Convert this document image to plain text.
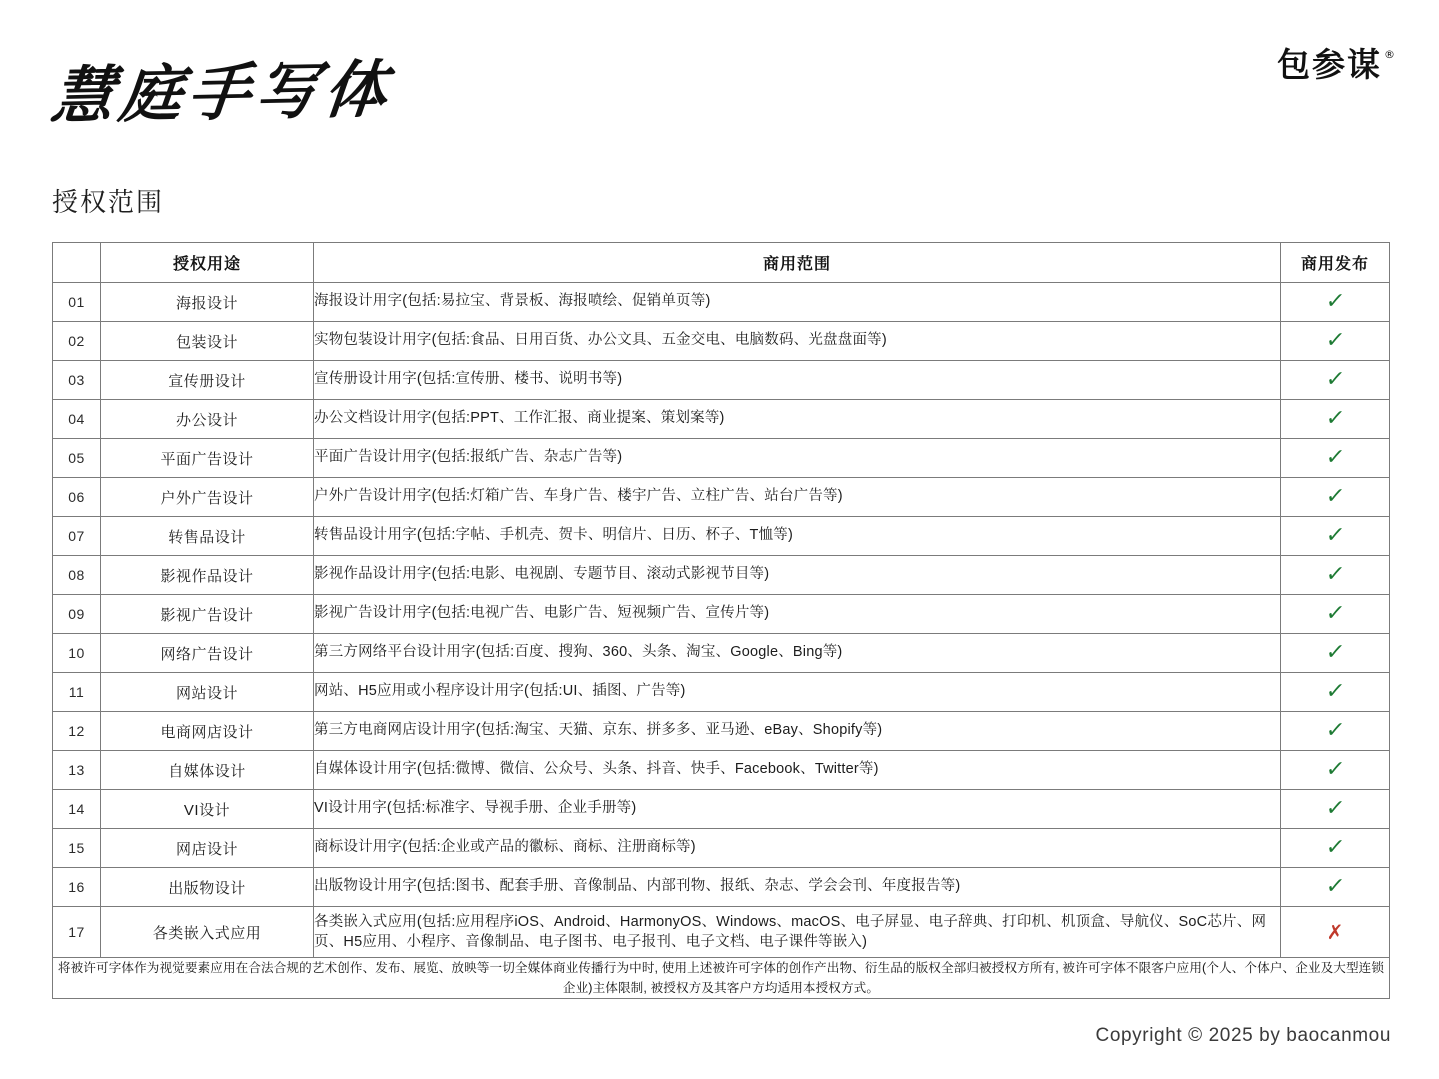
包参谋 ®
慧庭手写体
授权范围
	授权用途	商用范围	商用发布
01	海报设计	海报设计用字(包括:易拉宝、背景板、海报喷绘、促销单页等)	✓
02	包装设计	实物包装设计用字(包括:食品、日用百货、办公文具、五金交电、电脑数码、光盘盘面等)	✓
03	宣传册设计	宣传册设计用字(包括:宣传册、楼书、说明书等)	✓
04	办公设计	办公文档设计用字(包括:PPT、工作汇报、商业提案、策划案等)	✓
05	平面广告设计	平面广告设计用字(包括:报纸广告、杂志广告等)	✓
06	户外广告设计	户外广告设计用字(包括:灯箱广告、车身广告、楼宇广告、立柱广告、站台广告等)	✓
07	转售品设计	转售品设计用字(包括:字帖、手机壳、贺卡、明信片、日历、杯子、T恤等)	✓
08	影视作品设计	影视作品设计用字(包括:电影、电视剧、专题节目、滚动式影视节目等)	✓
09	影视广告设计	影视广告设计用字(包括:电视广告、电影广告、短视频广告、宣传片等)	✓
10	网络广告设计	第三方网络平台设计用字(包括:百度、搜狗、360、头条、淘宝、Google、Bing等)	✓
11	网站设计	网站、H5应用或小程序设计用字(包括:UI、插图、广告等)	✓
12	电商网店设计	第三方电商网店设计用字(包括:淘宝、天猫、京东、拼多多、亚马逊、eBay、Shopify等)	✓
13	自媒体设计	自媒体设计用字(包括:微博、微信、公众号、头条、抖音、快手、Facebook、Twitter等)	✓
14	VI设计	VI设计用字(包括:标准字、导视手册、企业手册等)	✓
15	网店设计	商标设计用字(包括:企业或产品的徽标、商标、注册商标等)	✓
16	出版物设计	出版物设计用字(包括:图书、配套手册、音像制品、内部刊物、报纸、杂志、学会会刊、年度报告等)	✓
17	各类嵌入式应用	各类嵌入式应用(包括:应用程序iOS、Android、HarmonyOS、Windows、macOS、电子屏显、电子辞典、打印机、机顶盒、导航仪、SoC芯片、网页、H5应用、小程序、音像制品、电子图书、电子报刊、电子文档、电子课件等嵌入)	✗
将被许可字体作为视觉要素应用在合法合规的艺术创作、发布、展览、放映等一切全媒体商业传播行为中时, 使用上述被许可字体的创作产出物、衍生品的版权全部归被授权方所有, 被许可字体不限客户应用(个人、个体户、企业及大型连锁企业)主体限制, 被授权方及其客户方均适用本授权方式。			
Copyright © 2025 by baocanmou
